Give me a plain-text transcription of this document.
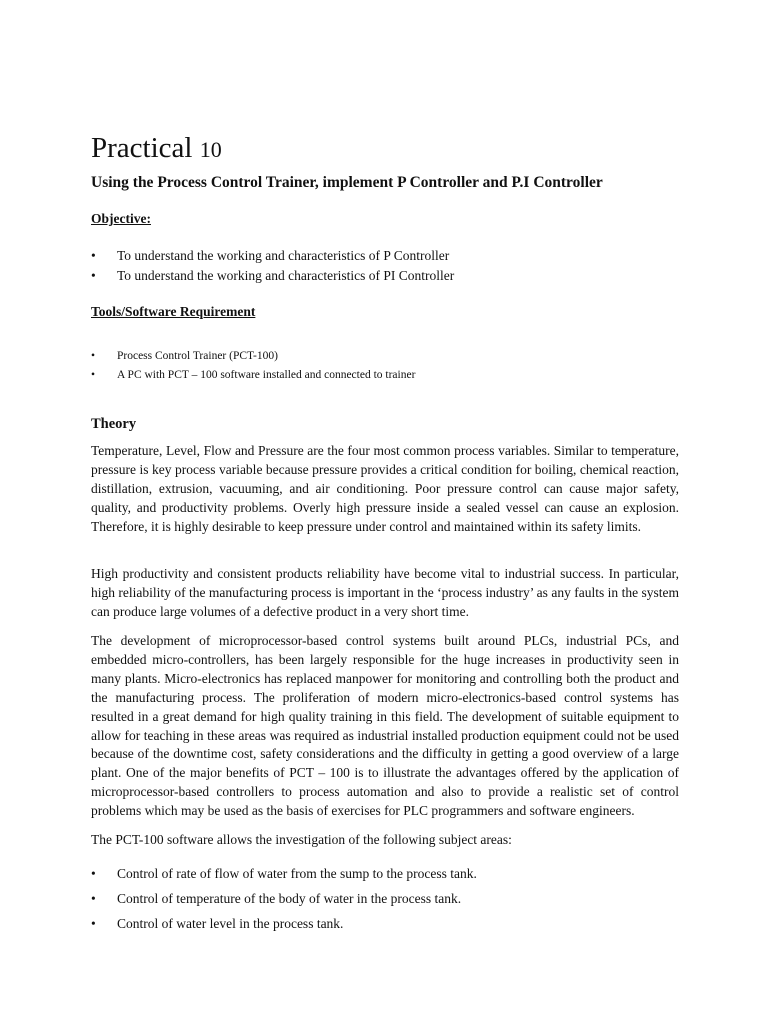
Practical 10
Using the Process Control Trainer, implement P Controller and P.I Controller
Objective:
• To understand the working and characteristics of P Controller
• To understand the working and characteristics of PI Controller
Tools/Software Requirement
• Process Control Trainer (PCT-100)
• A PC with PCT – 100 software installed and connected to trainer
Theory

Temperature, Level, Flow and Pressure are the four most common process variables. Similar to temperature, pressure is key process variable because pressure provides a critical condition for boiling, chemical reaction, distillation, extrusion, vacuuming, and air conditioning. Poor pressure control can cause major safety, quality, and productivity problems. Overly high pressure inside a sealed vessel can cause an explosion. Therefore, it is highly desirable to keep pressure under control and maintained within its safety limits.

High productivity and consistent products reliability have become vital to industrial success. In particular, high reliability of the manufacturing process is important in the ‘process industry’ as any faults in the system can produce large volumes of a defective product in a very short time.

The development of microprocessor-based control systems built around PLCs, industrial PCs, and embedded micro-controllers, has been largely responsible for the huge increases in productivity seen in many plants. Micro-electronics has replaced manpower for monitoring and controlling both the product and the manufacturing process. The proliferation of modern micro-electronics-based control systems has resulted in a great demand for high quality training in this field. The development of suitable equipment to allow for teaching in these areas was required as industrial installed production equipment could not be used because of the downtime cost, safety considerations and the difficulty in getting a good overview of a large plant. One of the major benefits of PCT – 100 is to illustrate the advantages offered by the application of microprocessor-based controllers to process automation and also to provide a realistic set of control problems which may be used as the basis of exercises for PLC programmers and software engineers.

The PCT-100 software allows the investigation of the following subject areas:

• Control of rate of flow of water from the sump to the process tank.
• Control of temperature of the body of water in the process tank.
• Control of water level in the process tank.
